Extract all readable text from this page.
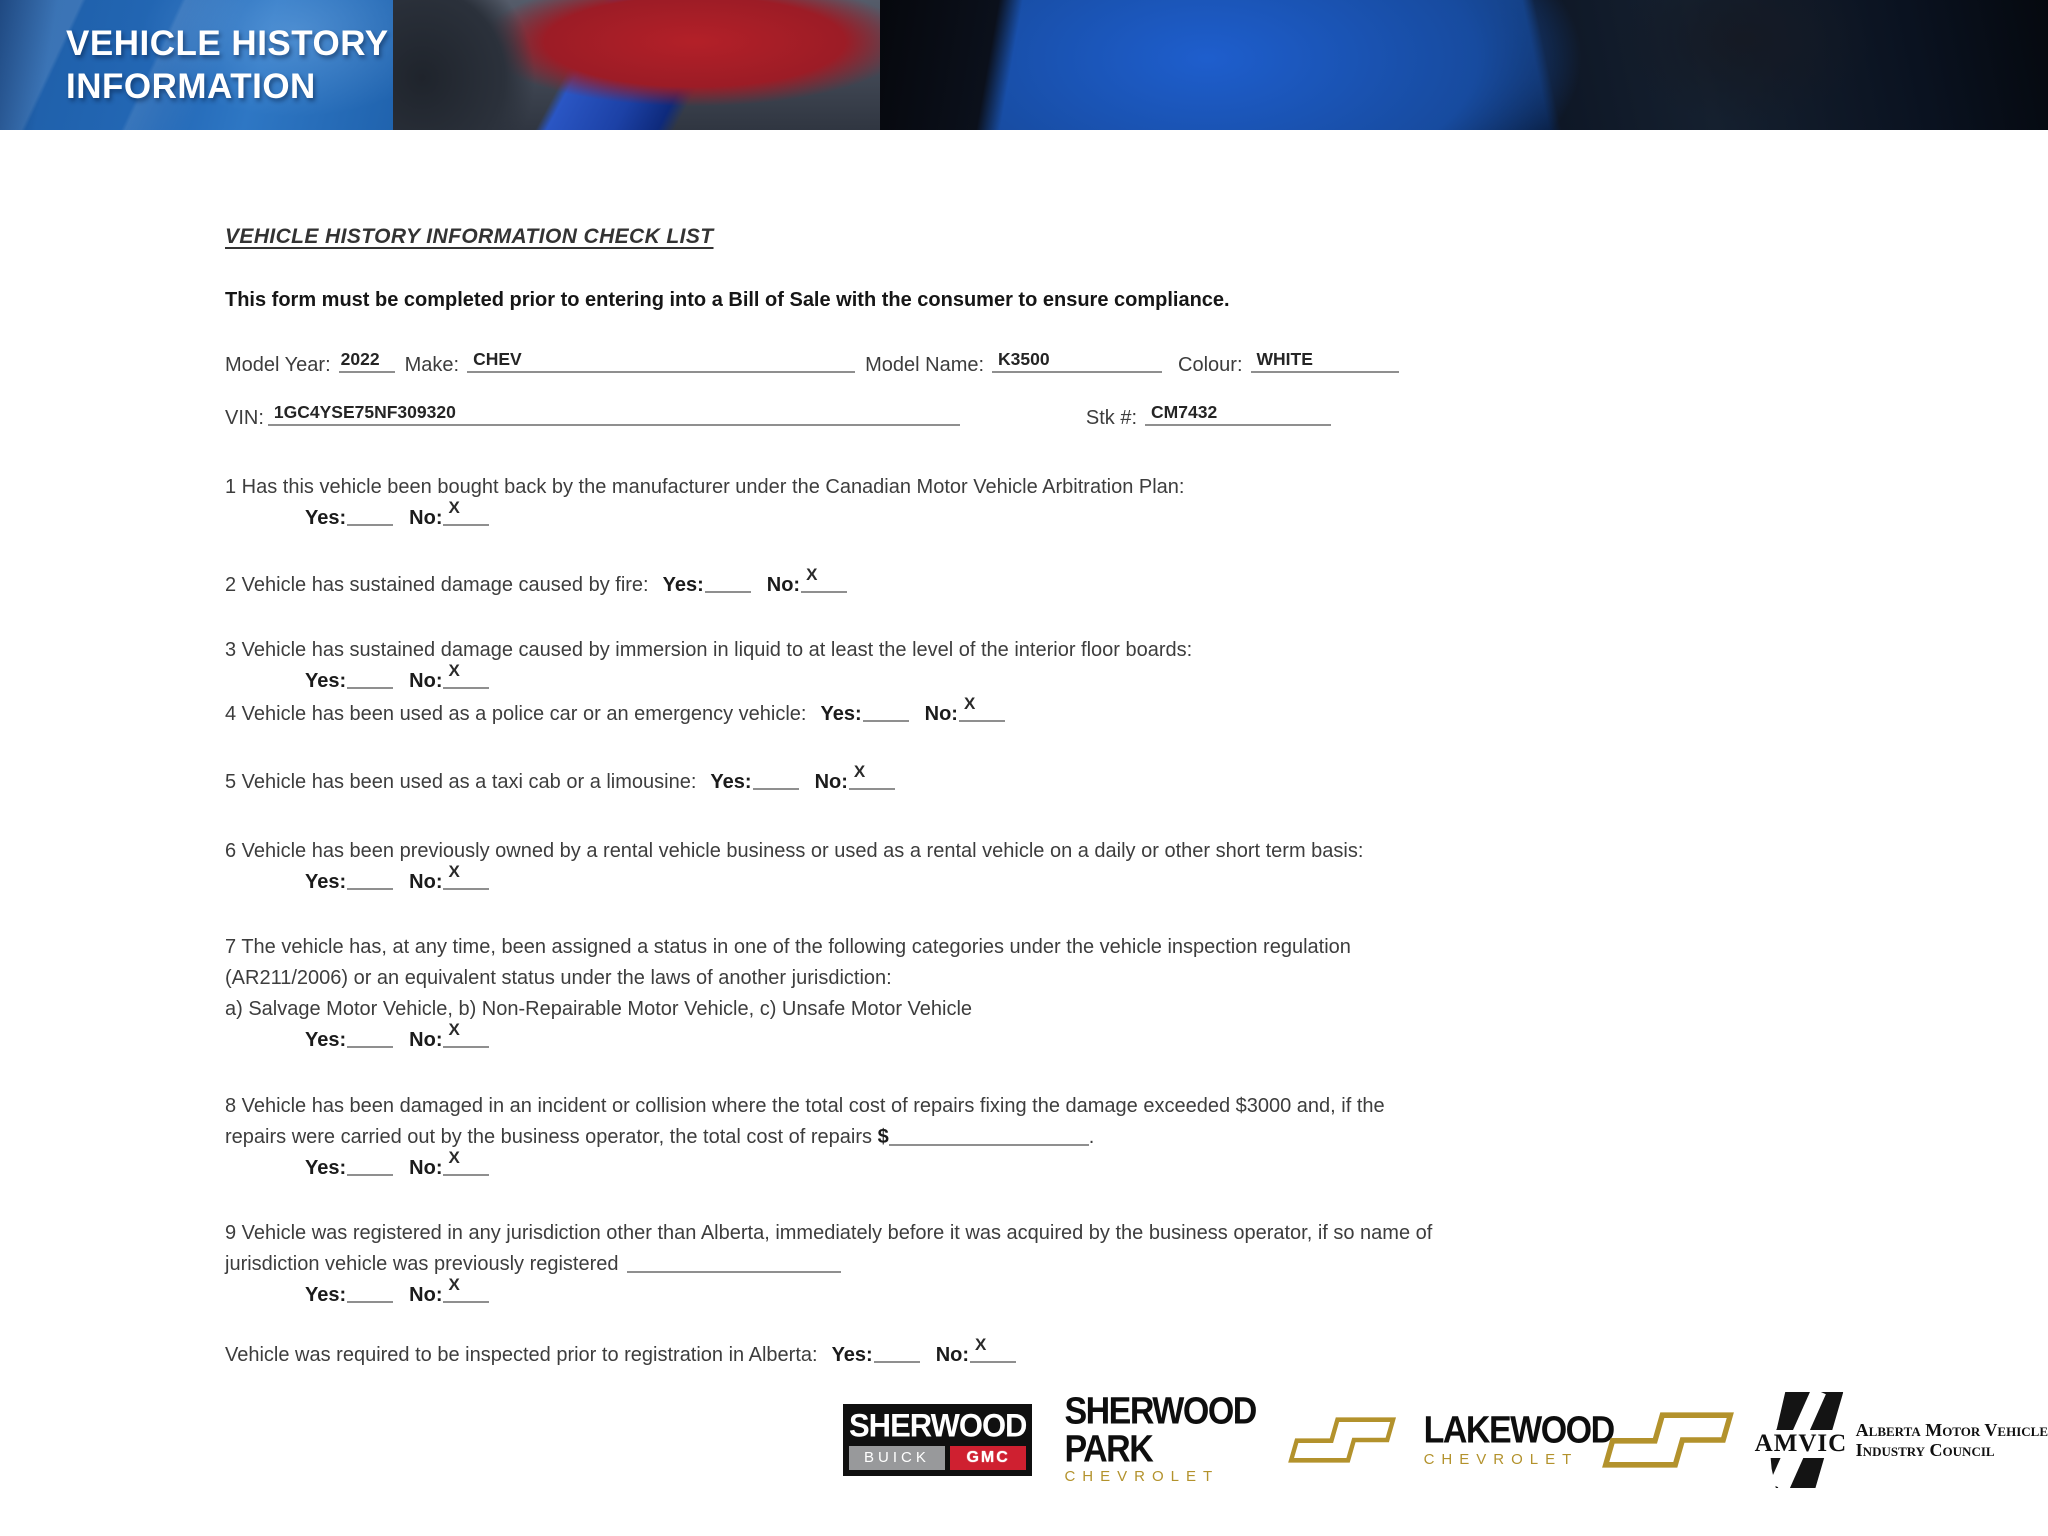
VEHICLE HISTORY
INFORMATION
VEHICLE HISTORY INFORMATION CHECK LIST
This form must be completed prior to entering into a Bill of Sale with the consumer to ensure compliance.
Model Year: 2022 Make: CHEV	Model Name: K3500	Colour: WHITE
VIN: 1GC4YSE75NF309320	Stk #: CM7432
1 Has this vehicle been bought back by the manufacturer under the Canadian Motor Vehicle Arbitration Plan:
Yes:	No: X
2 Vehicle has sustained damage caused by fire: Yes:	No: X
3 Vehicle has sustained damage caused by immersion in liquid to at least the level of the interior floor boards:
Yes:	No: X
4 Vehicle has been used as a police car or an emergency vehicle: Yes:	No: X
5 Vehicle has been used as a taxi cab or a limousine: Yes:	No: X
6 Vehicle has been previously owned by a rental vehicle business or used as a rental vehicle on a daily or other short term basis:
Yes:	No: X
7 The vehicle has, at any time, been assigned a status in one of the following categories under the vehicle inspection regulation
(AR211/2006) or an equivalent status under the laws of another jurisdiction:
a) Salvage Motor Vehicle, b) Non-Repairable Motor Vehicle, c) Unsafe Motor Vehicle
Yes:	No: X
8 Vehicle has been damaged in an incident or collision where the total cost of repairs fixing the damage exceeded $3000 and, if the
repairs were carried out by the business operator, the total cost of repairs $	.
Yes:	No: X
9 Vehicle was registered in any jurisdiction other than Alberta, immediately before it was acquired by the business operator, if so name of
jurisdiction vehicle was previously registered
Yes:	No: X
Vehicle was required to be inspected prior to registration in Alberta: Yes:	No: X
SHERWOOD
BUICK	GMC
SHERWOOD PARK
CHEVROLET
LAKEWOOD
CHEVROLET
AMVIC Alberta Motor Vehicle
Industry Council
